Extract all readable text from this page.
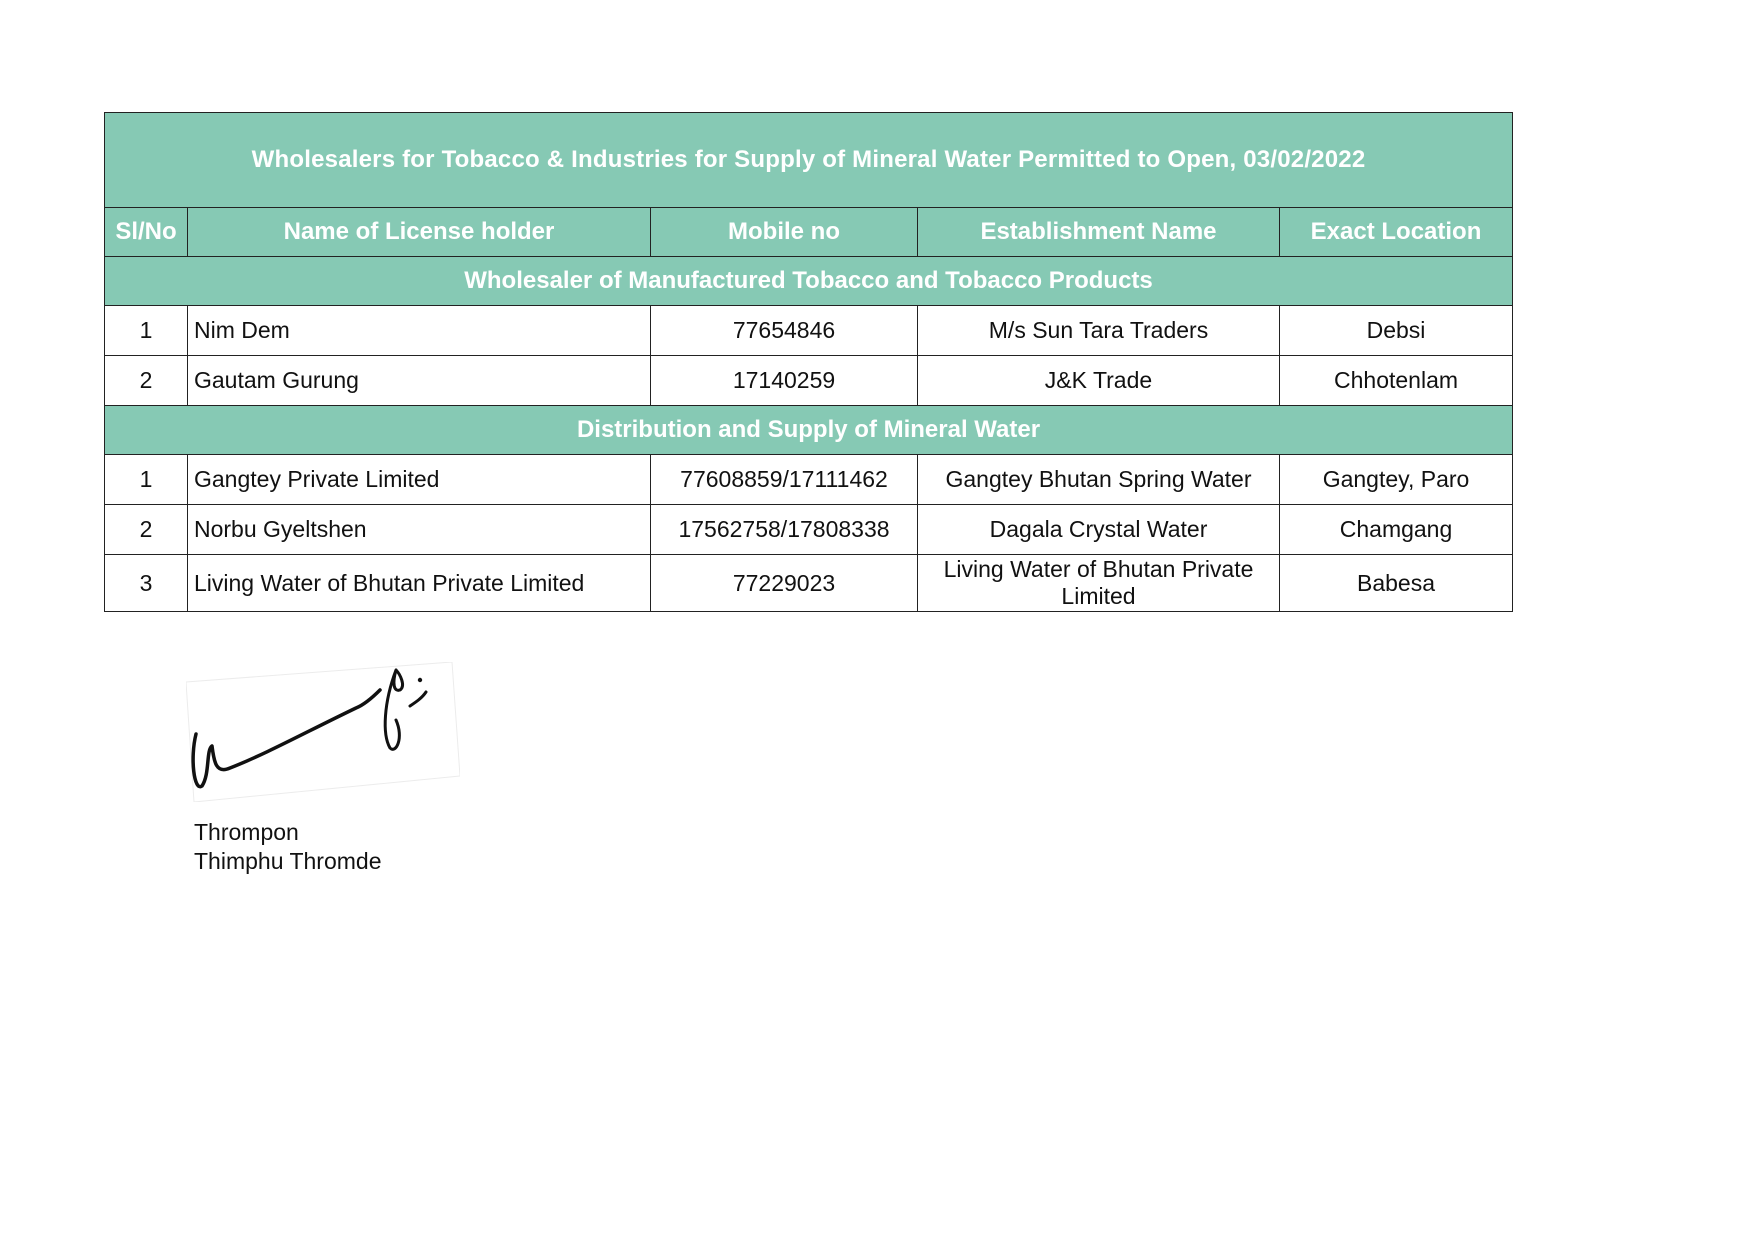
Wholesalers for Tobacco & Industries for Supply of Mineral Water Permitted to Open, 03/02/2022				
Sl/No	Name of License holder	Mobile no	Establishment Name	Exact Location
Wholesaler of Manufactured Tobacco and Tobacco Products				
1	Nim Dem	77654846	M/s Sun Tara Traders	Debsi
2	Gautam Gurung	17140259	J&K Trade	Chhotenlam
Distribution and Supply of Mineral Water				
1	Gangtey Private Limited	77608859/17111462	Gangtey Bhutan Spring Water	Gangtey, Paro
2	Norbu Gyeltshen	17562758/17808338	Dagala Crystal Water	Chamgang
3	Living Water of Bhutan Private Limited	77229023	Living Water of Bhutan Private Limited	Babesa
Thrompon
Thimphu Thromde
